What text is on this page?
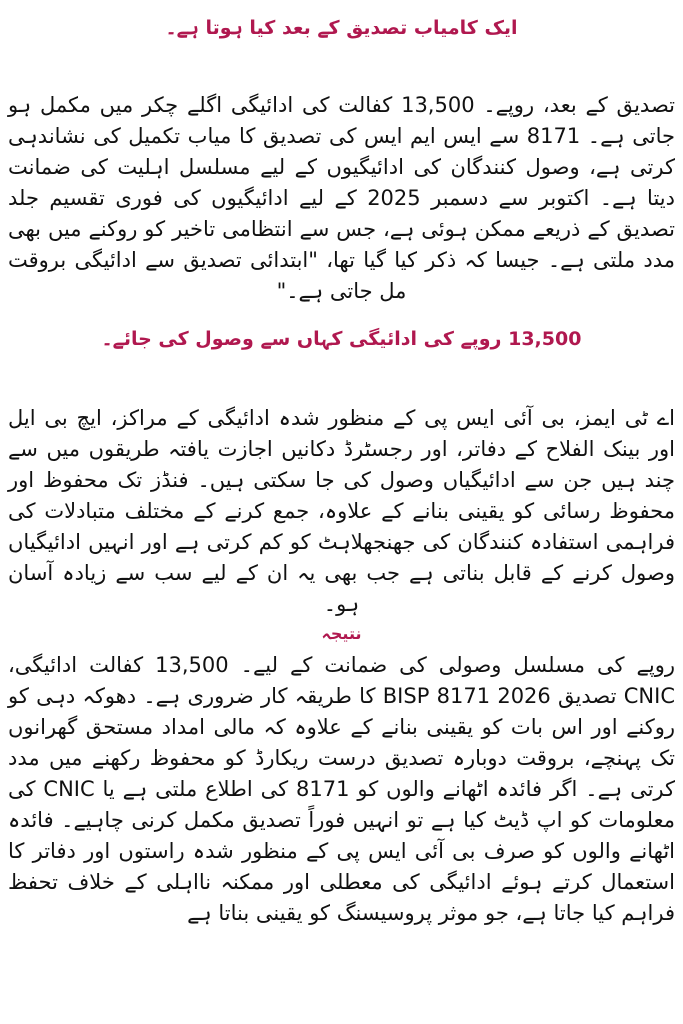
ایک کامیاب تصدیق کے بعد کیا ہوتا ہے۔

تصدیق کے بعد، روپے۔ 13,500 کفالت کی ادائیگی اگلے چکر میں مکمل ہو جاتی ہے۔ 8171 سے ایس ایم ایس کی تصدیق کا میاب تکمیل کی نشاندہی کرتی ہے، وصول کنندگان کی ادائیگیوں کے لیے مسلسل اہلیت کی ضمانت دیتا ہے۔ اکتوبر سے دسمبر 2025 کے لیے ادائیگیوں کی فوری تقسیم جلد تصدیق کے ذریعے ممکن ہوئی ہے، جس سے انتظامی تاخیر کو روکنے میں بھی مدد ملتی ہے۔ جیسا کہ ذکر کیا گیا تھا، "ابتدائی تصدیق سے ادائیگی بروقت مل جاتی ہے۔"

13,500 روپے کی ادائیگی کہاں سے وصول کی جائے۔

اے ٹی ایمز، بی آئی ایس پی کے منظور شدہ ادائیگی کے مراکز، ایچ بی ایل اور بینک الفلاح کے دفاتر، اور رجسٹرڈ دکانیں اجازت یافتہ طریقوں میں سے چند ہیں جن سے ادائیگیاں وصول کی جا سکتی ہیں۔ فنڈز تک محفوظ اور محفوظ رسائی کو یقینی بنانے کے علاوہ، جمع کرنے کے مختلف متبادلات کی فراہمی استفادہ کنندگان کی جھنجھلاہٹ کو کم کرتی ہے اور انہیں ادائیگیاں وصول کرنے کے قابل بناتی ہے جب بھی یہ ان کے لیے سب سے زیادہ آسان ہو۔

نتیجہ

روپے کی مسلسل وصولی کی ضمانت کے لیے۔ 13,500 کفالت ادائیگی، CNIC تصدیق BISP 8171 2026 کا طریقہ کار ضروری ہے۔ دھوکہ دہی کو روکنے اور اس بات کو یقینی بنانے کے علاوہ کہ مالی امداد مستحق گھرانوں تک پہنچے، بروقت دوبارہ تصدیق درست ریکارڈ کو محفوظ رکھنے میں مدد کرتی ہے۔ اگر فائدہ اٹھانے والوں کو 8171 کی اطلاع ملتی ہے یا CNIC کی معلومات کو اپ ڈیٹ کیا ہے تو انہیں فوراً تصدیق مکمل کرنی چاہیے۔ فائدہ اٹھانے والوں کو صرف بی آئی ایس پی کے منظور شدہ راستوں اور دفاتر کا استعمال کرتے ہوئے ادائیگی کی معطلی اور ممکنہ نااہلی کے خلاف تحفظ فراہم کیا جاتا ہے، جو موثر پروسیسنگ کو یقینی بناتا ہے
